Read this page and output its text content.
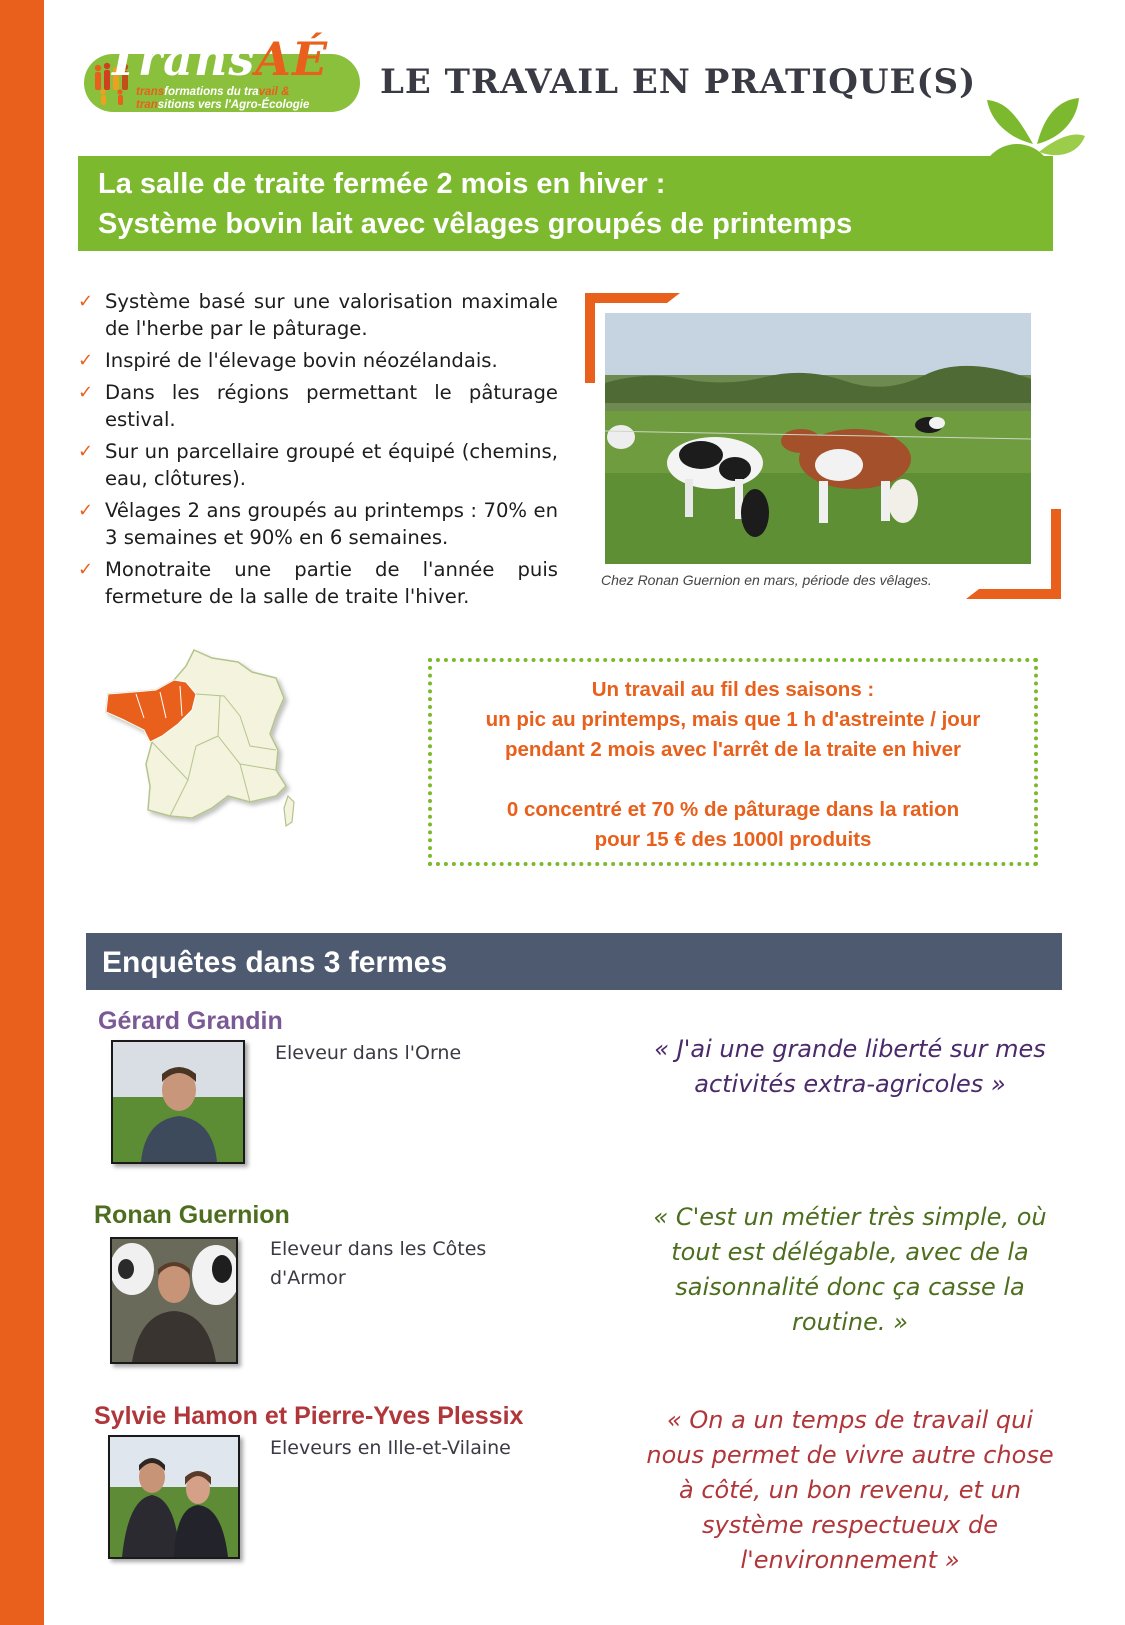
TransAÉ
transformations du travail &
transitions vers l'Agro-Écologie
LE TRAVAIL EN PRATIQUE(S)
La salle de traite fermée 2 mois en hiver :
Système bovin lait avec vêlages groupés de printemps
✓ Système basé sur une valorisation maximale de l'herbe par le pâturage.
✓ Inspiré de l'élevage bovin néozélandais.
✓ Dans les régions permettant le pâturage estival.
✓ Sur un parcellaire groupé et équipé (chemins, eau, clôtures).
✓ Vêlages 2 ans groupés au printemps : 70% en 3 semaines et 90% en 6 semaines.
✓ Monotraite une partie de l'année puis fermeture de la salle de traite l'hiver.
Chez Ronan Guernion en mars, période des vêlages.

Un travail au fil des saisons :

un pic au printemps, mais que 1 h d'astreinte / jour

pendant 2 mois avec l'arrêt de la traite en hiver

0 concentré et 70 % de pâturage dans la ration

pour 15 € des 1000l produits

Enquêtes dans 3 fermes
Gérard Grandin
Eleveur dans l'Orne	« J'ai une grande liberté sur mes activités extra-agricoles »
Ronan Guernion
Eleveur dans les Côtes d'Armor
« C'est un métier très simple, où tout est délégable, avec de la saisonnalité donc ça casse la routine. »
Sylvie Hamon et Pierre-Yves Plessix
Eleveurs en Ille-et-Vilaine
« On a un temps de travail qui nous permet de vivre autre chose à côté, un bon revenu, et un système respectueux de l'environnement »
